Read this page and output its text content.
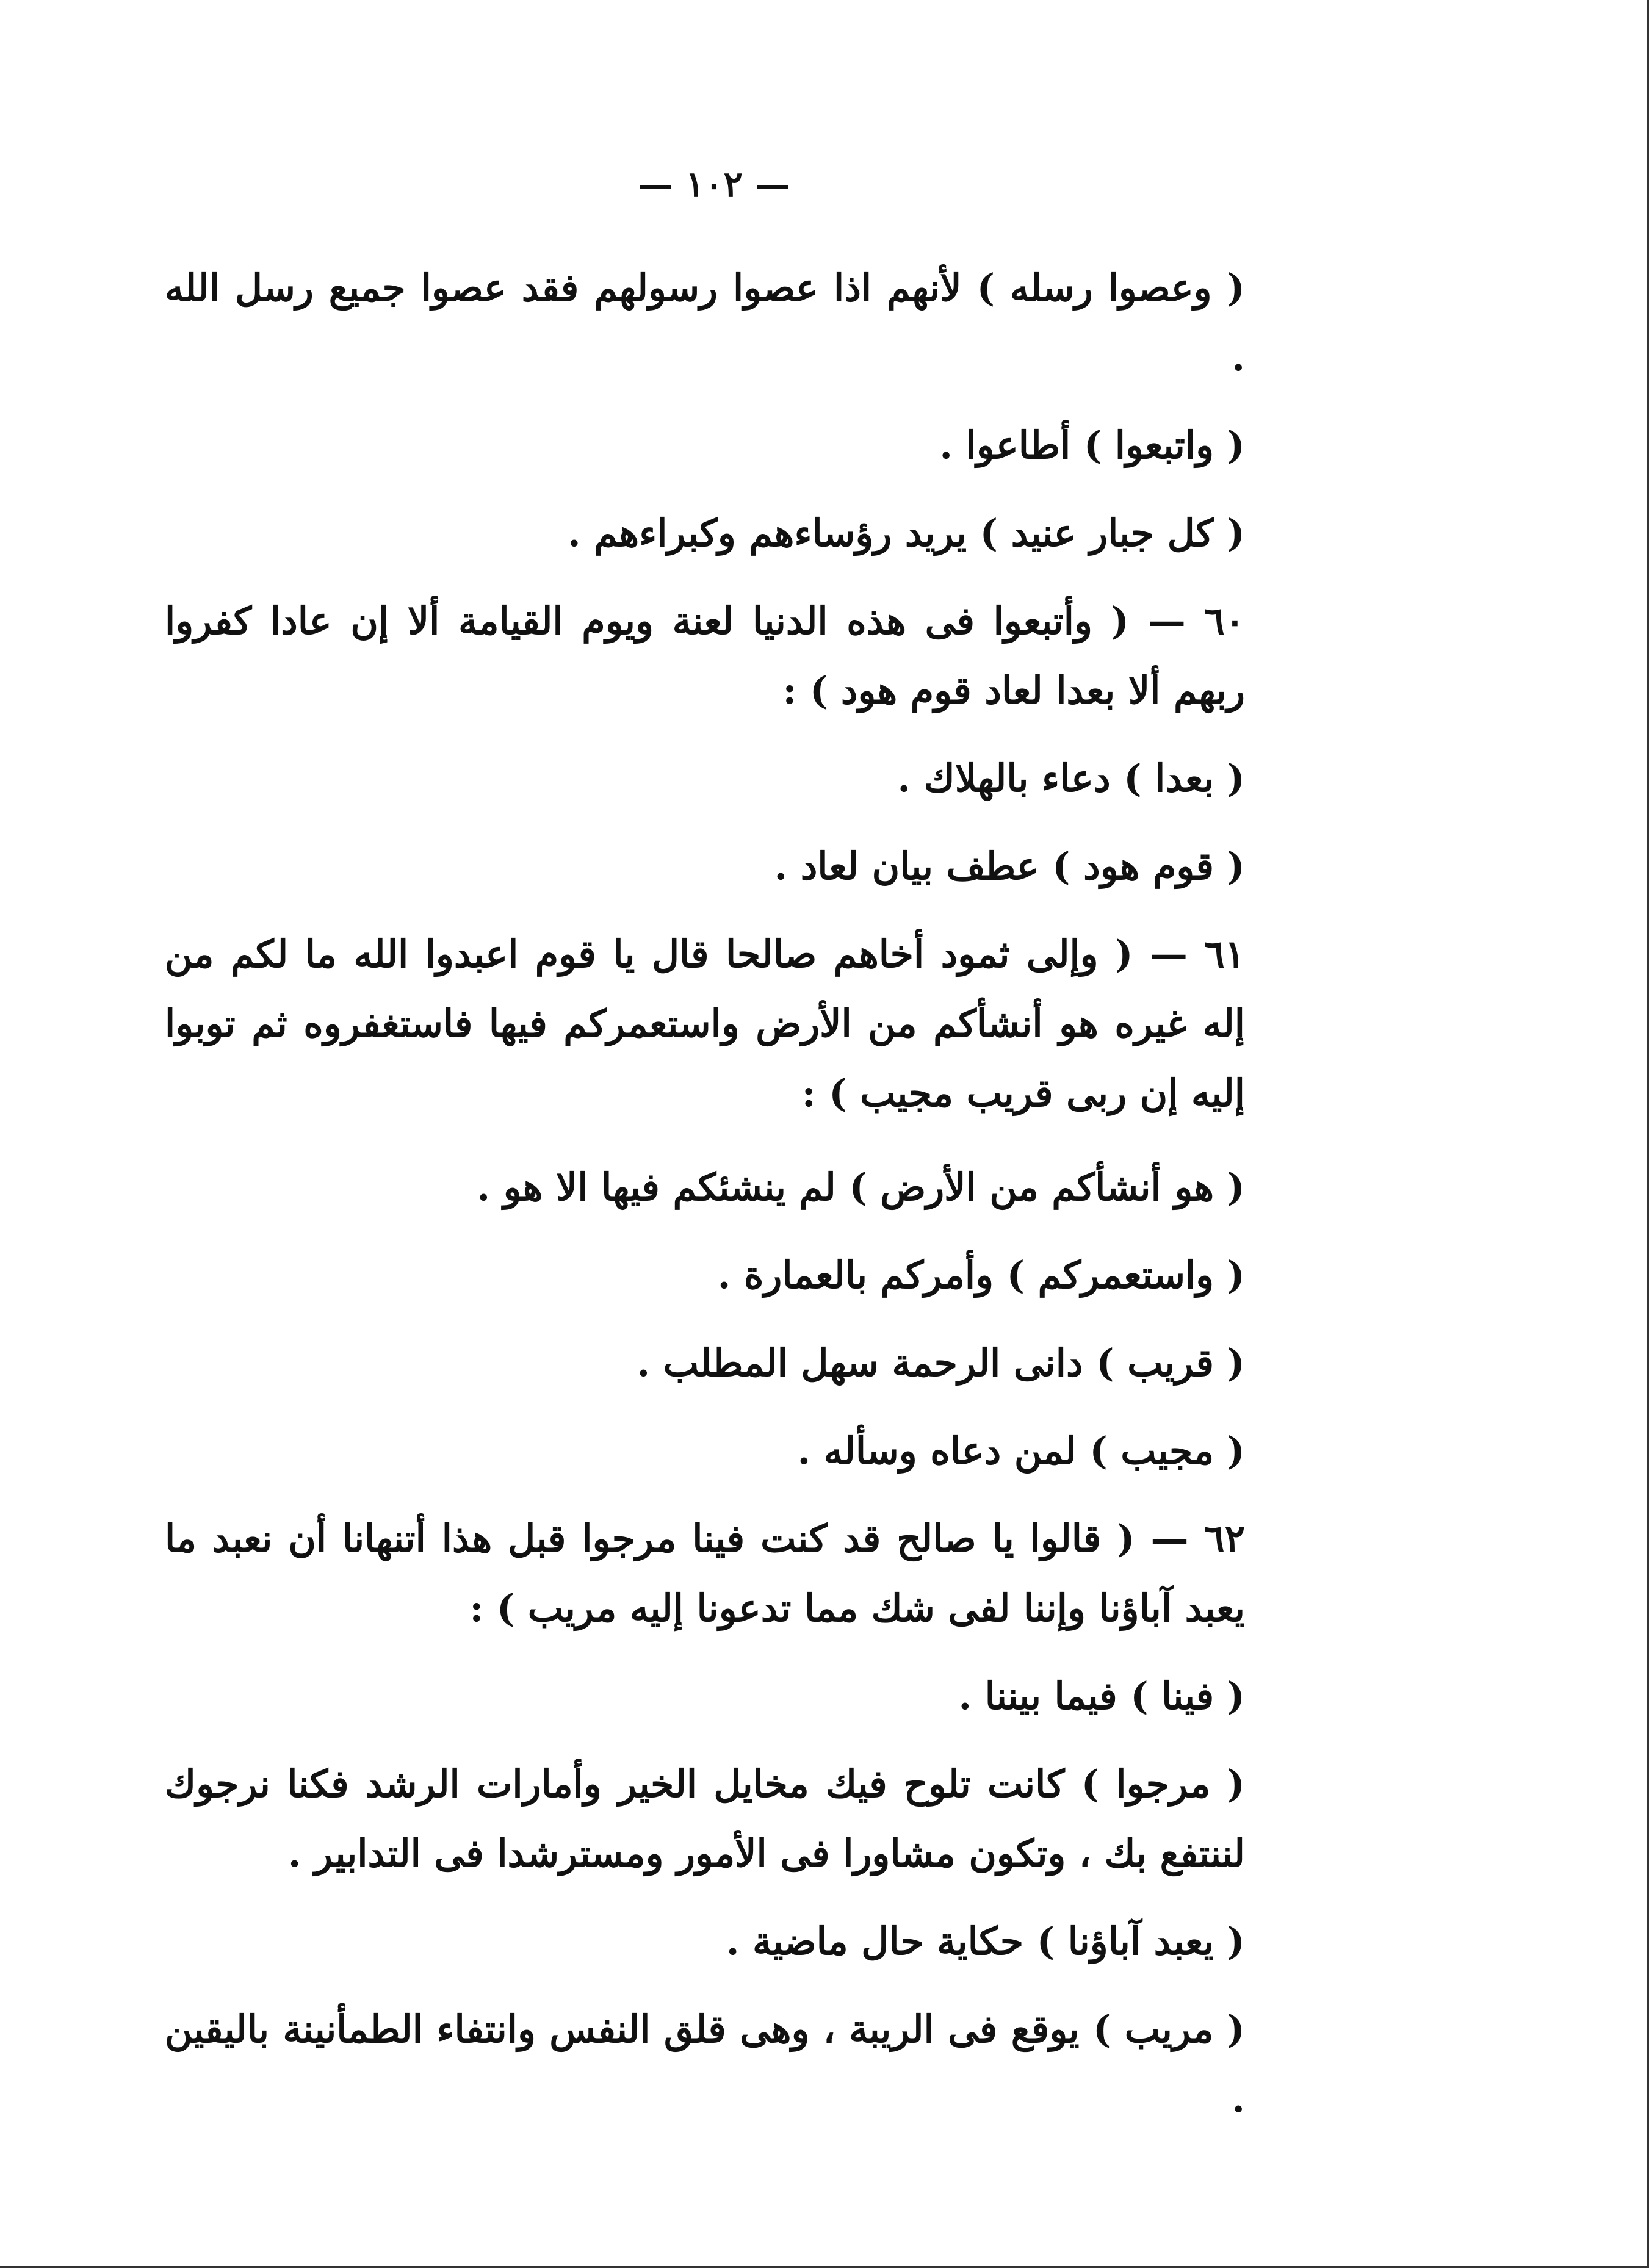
— ١٠٢ —

( وعصوا رسله ) لأنهم اذا عصوا رسولهم فقد عصوا جميع رسل الله .

( واتبعوا ) أطاعوا .

( كل جبار عنيد ) يريد رؤساءهم وكبراءهم .

٦٠ — ( وأتبعوا فى هذه الدنيا لعنة ويوم القيامة ألا إن عادا كفروا ربهم ألا بعدا لعاد قوم هود ) :

( بعدا ) دعاء بالهلاك .

( قوم هود ) عطف بيان لعاد .

٦١ — ( وإلى ثمود أخاهم صالحا قال يا قوم اعبدوا الله ما لكم من إله غيره هو أنشأكم من الأرض واستعمركم فيها فاستغفروه ثم توبوا إليه إن ربى قريب مجيب ) :

( هو أنشأكم من الأرض ) لم ينشئكم فيها الا هو .

( واستعمركم ) وأمركم بالعمارة .

( قريب ) دانى الرحمة سهل المطلب .

( مجيب ) لمن دعاه وسأله .

٦٢ — ( قالوا يا صالح قد كنت فينا مرجوا قبل هذا أتنهانا أن نعبد ما يعبد آباؤنا وإننا لفى شك مما تدعونا إليه مريب ) :

( فينا ) فيما بيننا .

( مرجوا ) كانت تلوح فيك مخايل الخير وأمارات الرشد فكنا نرجوك لننتفع بك ، وتكون مشاورا فى الأمور ومسترشدا فى التدابير .

( يعبد آباؤنا ) حكاية حال ماضية .

( مريب ) يوقع فى الريبة ، وهى قلق النفس وانتفاء الطمأنينة باليقين .
